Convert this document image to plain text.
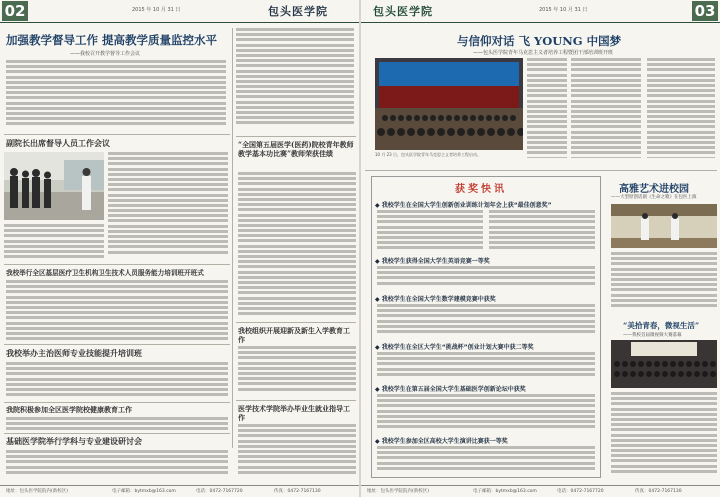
02	2015 年 10 月 31 日	包头医学院
加强教学督导工作 提高教学质量监控水平
——我校召开教学督导工作会议
副院长出席督导人员工作会议
我校举行全区基层医疗卫生机构卫生技术人员服务能力培训班开班式
我校举办主治医师专业技能提升培训班
我院积极参加全区医学院校健康教育工作
基础医学院举行学科与专业建设研讨会
“全国第五届医学(医药)院校青年教师教学基本功比赛”教师荣获佳绩
我校组织开展迎新及新生入学教育工作
医学技术学院举办毕业生就业指导工作
地址：包头医学院院内(新校区)	电子邮箱：bytmxb@163.com	电话：0472-7167720	传真：0472-7167130
包头医学院	2015 年 10 月 31 日	03
与信仰对话 飞 YOUNG 中国梦
——包头医学院青年马克思主义者培养工程暨团干部培训班开班
10 月 23 日，包头医学院青年马克思主义者培养工程启动。
获奖快讯
◆ 我校学生在全国大学生创新创业训练计划年会上获“最佳创意奖”
◆ 我校学生获得全国大学生英语竞赛一等奖
◆ 我校学生在全国大学生数学建模竞赛中获奖
◆ 我校学生在全区大学生“挑战杯”创业计划大赛中获二等奖
◆ 我校学生在第五届全国大学生基础医学创新论坛中获奖
◆ 我校学生参加全区高校大学生演讲比赛获一等奖
高雅艺术进校园
——大型原创话剧《生命之歌》在包医上演
“美拾青春，微视生活”
——我校首届微视频大赛落幕
地址：包头医学院院内(新校区)	电子邮箱：bytmxb@163.com	电话：0472-7167720	传真：0472-7167130
